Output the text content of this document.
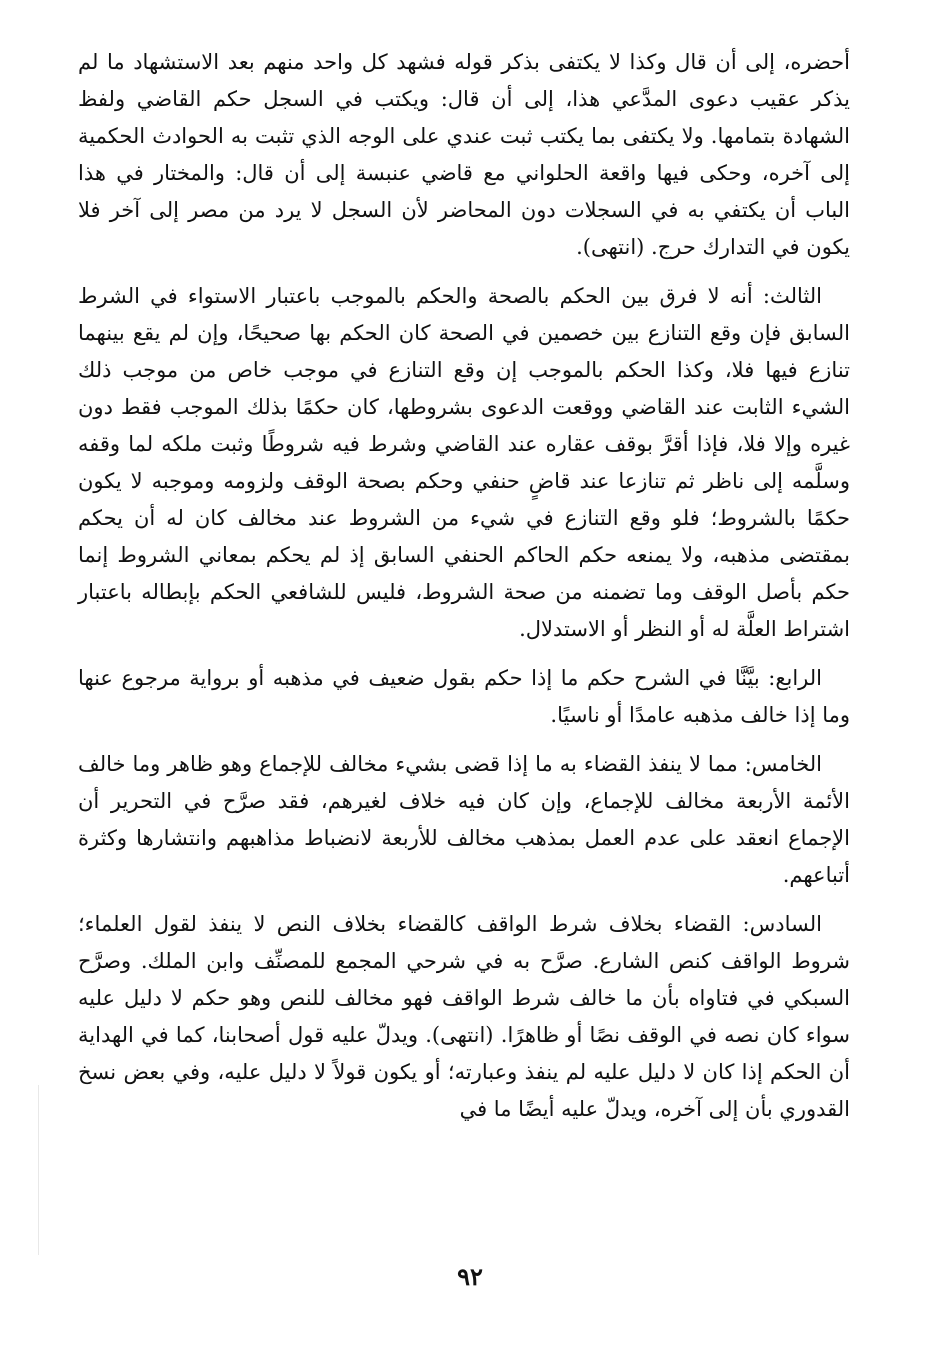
أحضره، إلى أن قال وكذا لا يكتفى بذكر قوله فشهد كل واحد منهم بعد الاستشهاد ما لم يذكر عقيب دعوى المدَّعي هذا، إلى أن قال: ويكتب في السجل حكم القاضي ولفظ الشهادة بتمامها. ولا يكتفى بما يكتب ثبت عندي على الوجه الذي تثبت به الحوادث الحكمية إلى آخره، وحكى فيها واقعة الحلواني مع قاضي عنبسة إلى أن قال: والمختار في هذا الباب أن يكتفي به في السجلات دون المحاضر لأن السجل لا يرد من مصر إلى آخر فلا يكون في التدارك حرج. (انتهى).

الثالث: أنه لا فرق بين الحكم بالصحة والحكم بالموجب باعتبار الاستواء في الشرط السابق فإن وقع التنازع بين خصمين في الصحة كان الحكم بها صحيحًا، وإن لم يقع بينهما تنازع فيها فلا، وكذا الحكم بالموجب إن وقع التنازع في موجب خاص من موجب ذلك الشيء الثابت عند القاضي ووقعت الدعوى بشروطها، كان حكمًا بذلك الموجب فقط دون غيره وإلا فلا، فإذا أقرَّ بوقف عقاره عند القاضي وشرط فيه شروطًا وثبت ملكه لما وقفه وسلَّمه إلى ناظر ثم تنازعا عند قاضٍ حنفي وحكم بصحة الوقف ولزومه وموجبه لا يكون حكمًا بالشروط؛ فلو وقع التنازع في شيء من الشروط عند مخالف كان له أن يحكم بمقتضى مذهبه، ولا يمنعه حكم الحاكم الحنفي السابق إذ لم يحكم بمعاني الشروط إنما حكم بأصل الوقف وما تضمنه من صحة الشروط، فليس للشافعي الحكم بإبطاله باعتبار اشتراط العلَّة له أو النظر أو الاستدلال.

الرابع: بيَّنَّا في الشرح حكم ما إذا حكم بقول ضعيف في مذهبه أو برواية مرجوع عنها وما إذا خالف مذهبه عامدًا أو ناسيًا.

الخامس: مما لا ينفذ القضاء به ما إذا قضى بشيء مخالف للإجماع وهو ظاهر وما خالف الأئمة الأربعة مخالف للإجماع، وإن كان فيه خلاف لغيرهم، فقد صرَّح في التحرير أن الإجماع انعقد على عدم العمل بمذهب مخالف للأربعة لانضباط مذاهبهم وانتشارها وكثرة أتباعهم.

السادس: القضاء بخلاف شرط الواقف كالقضاء بخلاف النص لا ينفذ لقول العلماء؛ شروط الواقف كنص الشارع. صرَّح به في شرحي المجمع للمصنِّف وابن الملك. وصرَّح السبكي في فتاواه بأن ما خالف شرط الواقف فهو مخالف للنص وهو حكم لا دليل عليه سواء كان نصه في الوقف نصًا أو ظاهرًا. (انتهى). ويدلّ عليه قول أصحابنا، كما في الهداية أن الحكم إذا كان لا دليل عليه لم ينفذ وعبارته؛ أو يكون قولاً لا دليل عليه، وفي بعض نسخ القدوري بأن إلى آخره، ويدلّ عليه أيضًا ما في

٩٢
